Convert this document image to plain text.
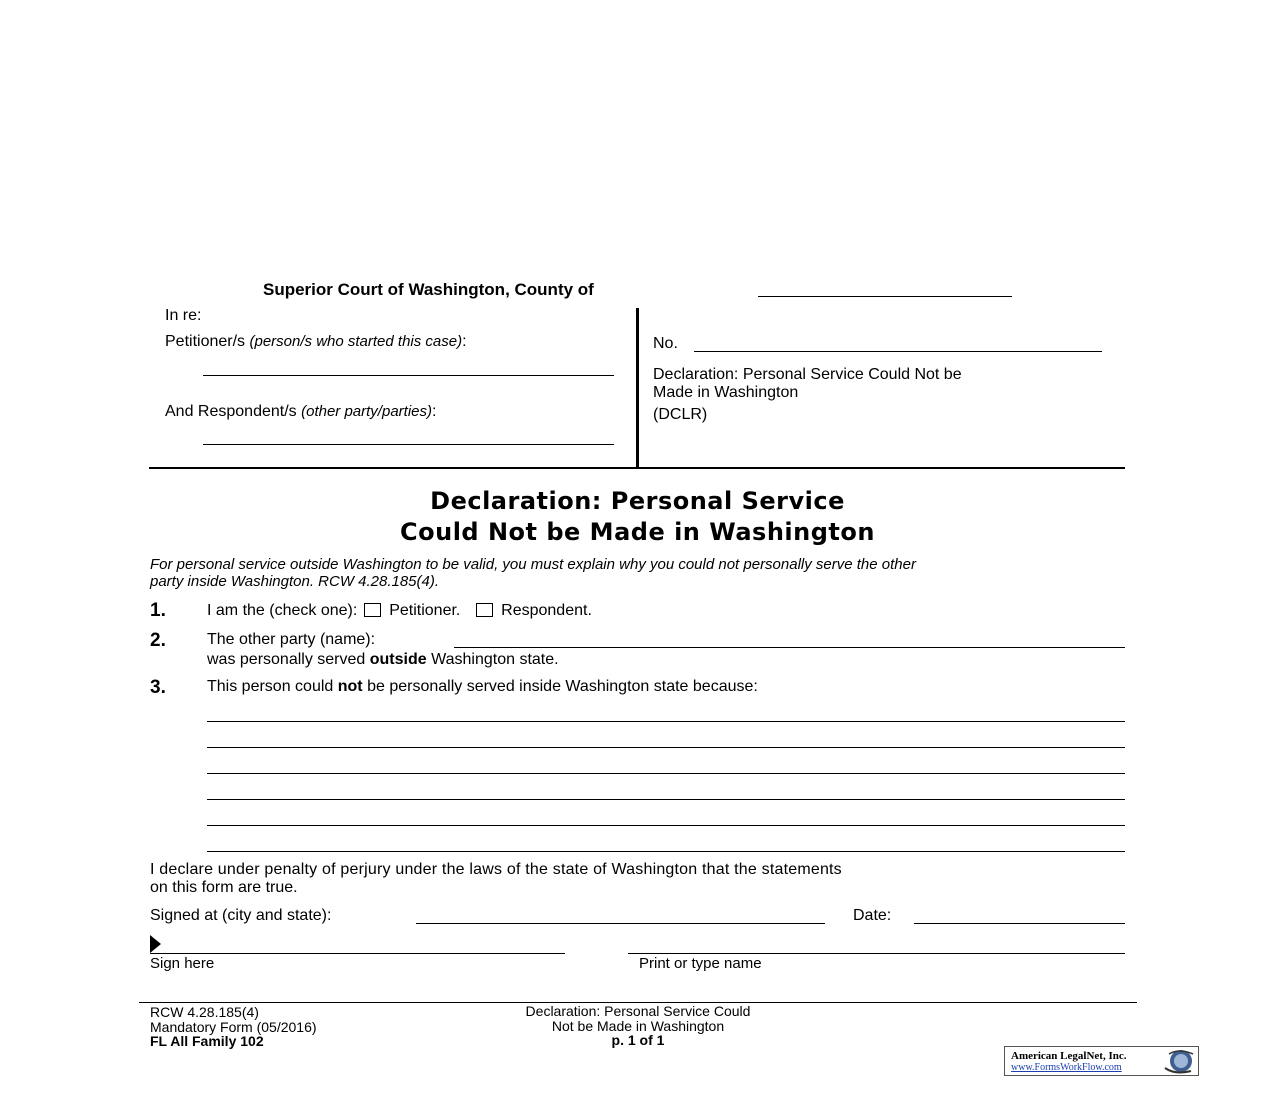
Superior Court of Washington, County of
In re:
Petitioner/s (person/s who started this case):
And Respondent/s (other party/parties):
No.
Declaration: Personal Service Could Not be
Made in Washington
(DCLR)
Declaration: Personal Service
Could Not be Made in Washington
For personal service outside Washington to be valid, you must explain why you could not personally serve the other
party inside Washington. RCW 4.28.185(4).
1.	I am the (check one): Petitioner.	Respondent.
2.	The other party (name):
was personally served outside Washington state.
3.	This person could not be personally served inside Washington state because:
I declare under penalty of perjury under the laws of the state of Washington that the statements
on this form are true.
Signed at (city and state):	Date:
Sign here	Print or type name
RCW 4.28.185(4)
Mandatory Form (05/2016)
FL All Family 102
Declaration: Personal Service Could
Not be Made in Washington
p. 1 of 1
American LegalNet, Inc.
www.FormsWorkFlow.com
